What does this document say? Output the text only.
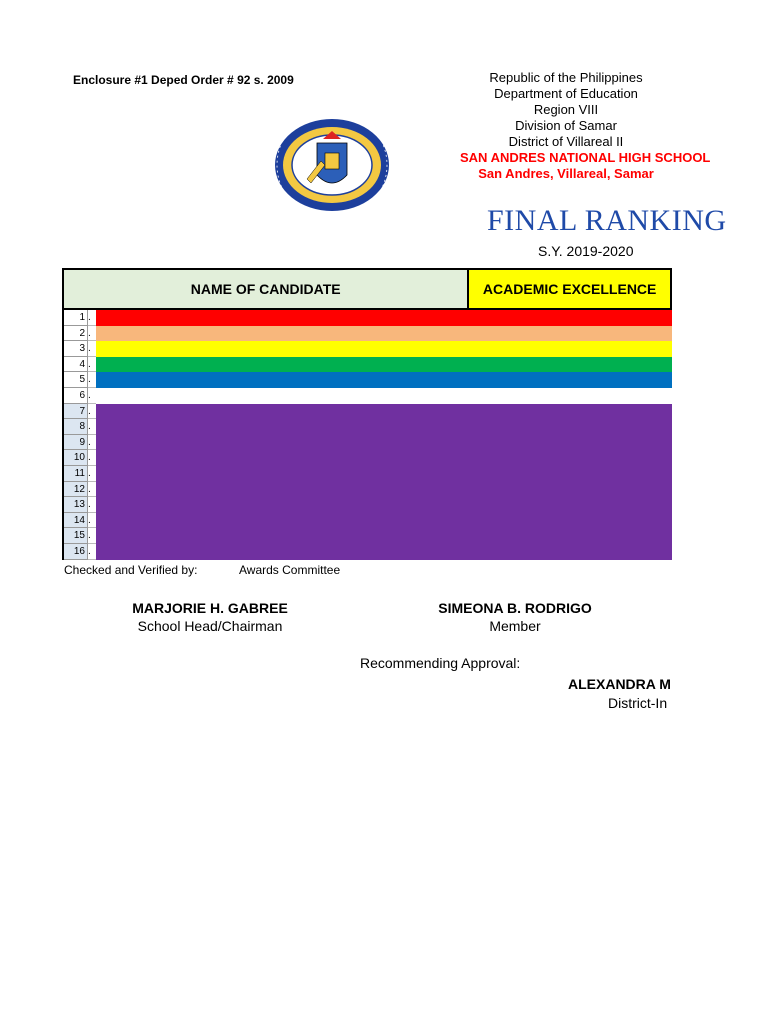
Enclosure #1 Deped Order # 92 s. 2009	Republic of the Philippines
Department of Education
Region VIII
Division of Samar
District of Villareal II
SAN ANDRES NATIONAL HIGH SCHOOL
San Andres, Villareal, Samar
FINAL RANKING
S.Y. 2019-2020
NAME OF CANDIDATE	ACADEMIC EXCELLENCE
1 .
2 .
3 .
4 .
5 .
6 .
7 .
8 .
9 .
10 .
11 .
12 .
13 .
14 .
15 .
16 .
Checked and Verified by:	Awards Committee
MARJORIE H. GABREE
School Head/Chairman
SIMEONA B. RODRIGO
Member
Recommending Approval:
ALEXANDRA M
District-In
